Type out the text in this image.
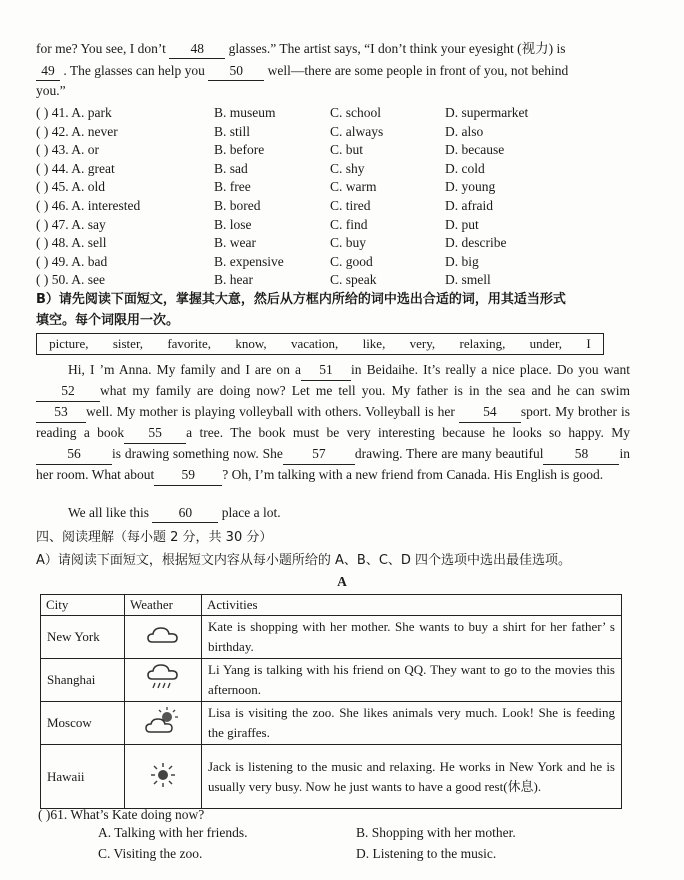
for me? You see, I don’t 48 glasses.” The artist says, “I don’t think your eyesight (视力) is
49 . The glasses can help you 50 well—there are some people in front of you, not behind
you.”
( ) 41. A. park	B. museum	C. school	D. supermarket
( ) 42. A. never	B. still	C. always	D. also
( ) 43. A. or	B. before	C. but	D. because
( ) 44. A. great	B. sad	C. shy	D. cold
( ) 45. A. old	B. free	C. warm	D. young
( ) 46. A. interested	B. bored	C. tired	D. afraid
( ) 47. A. say	B. lose	C. find	D. put
( ) 48. A. sell	B. wear	C. buy	D. describe
( ) 49. A. bad	B. expensive	C. good	D. big
( ) 50. A. see	B. hear	C. speak	D. smell
B）请先阅读下面短文，掌握其大意，然后从方框内所给的词中选出合适的词，用其适当形式
填空。每个词限用一次。
picture, sister, favorite, know, vacation, like, very, relaxing, under, I
Hi, I ’m Anna. My family and I are on a 51 in Beidaihe. It’s really a nice place. Do you want 52 what my family are doing now? Let me tell you. My father is in the sea and he can swim 53 well. My mother is playing volleyball with others. Volleyball is her 54 sport. My brother is reading a book 55 a tree. The book must be very interesting because he looks so happy. My56 is drawing something now. She 57 drawing. There are many beautiful 58 in her room. What about 59 ? Oh, I’m talking with a new friend from Canada. His English is good.
We all like this 60 place a lot.
四、阅读理解（每小题 2 分，共 30 分）
A）请阅读下面短文，根据短文内容从每小题所给的 A、B、C、D 四个选项中选出最佳选项。
A
City	Weather	Activities
New York		Kate is shopping with her mother. She wants to buy a shirt for her father’ s birthday.
Shanghai		Li Yang is talking with his friend on QQ. They want to go to the movies this afternoon.
Moscow		Lisa is visiting the zoo. She likes animals very much. Look! She is feeding the giraffes.
Hawaii		Jack is listening to the music and relaxing. He works in New York and he is usually very busy. Now he just wants to have a good rest(休息).
( )61. What’s Kate doing now?
A. Talking with her friends.	B. Shopping with her mother.
C. Visiting the zoo.	D. Listening to the music.
